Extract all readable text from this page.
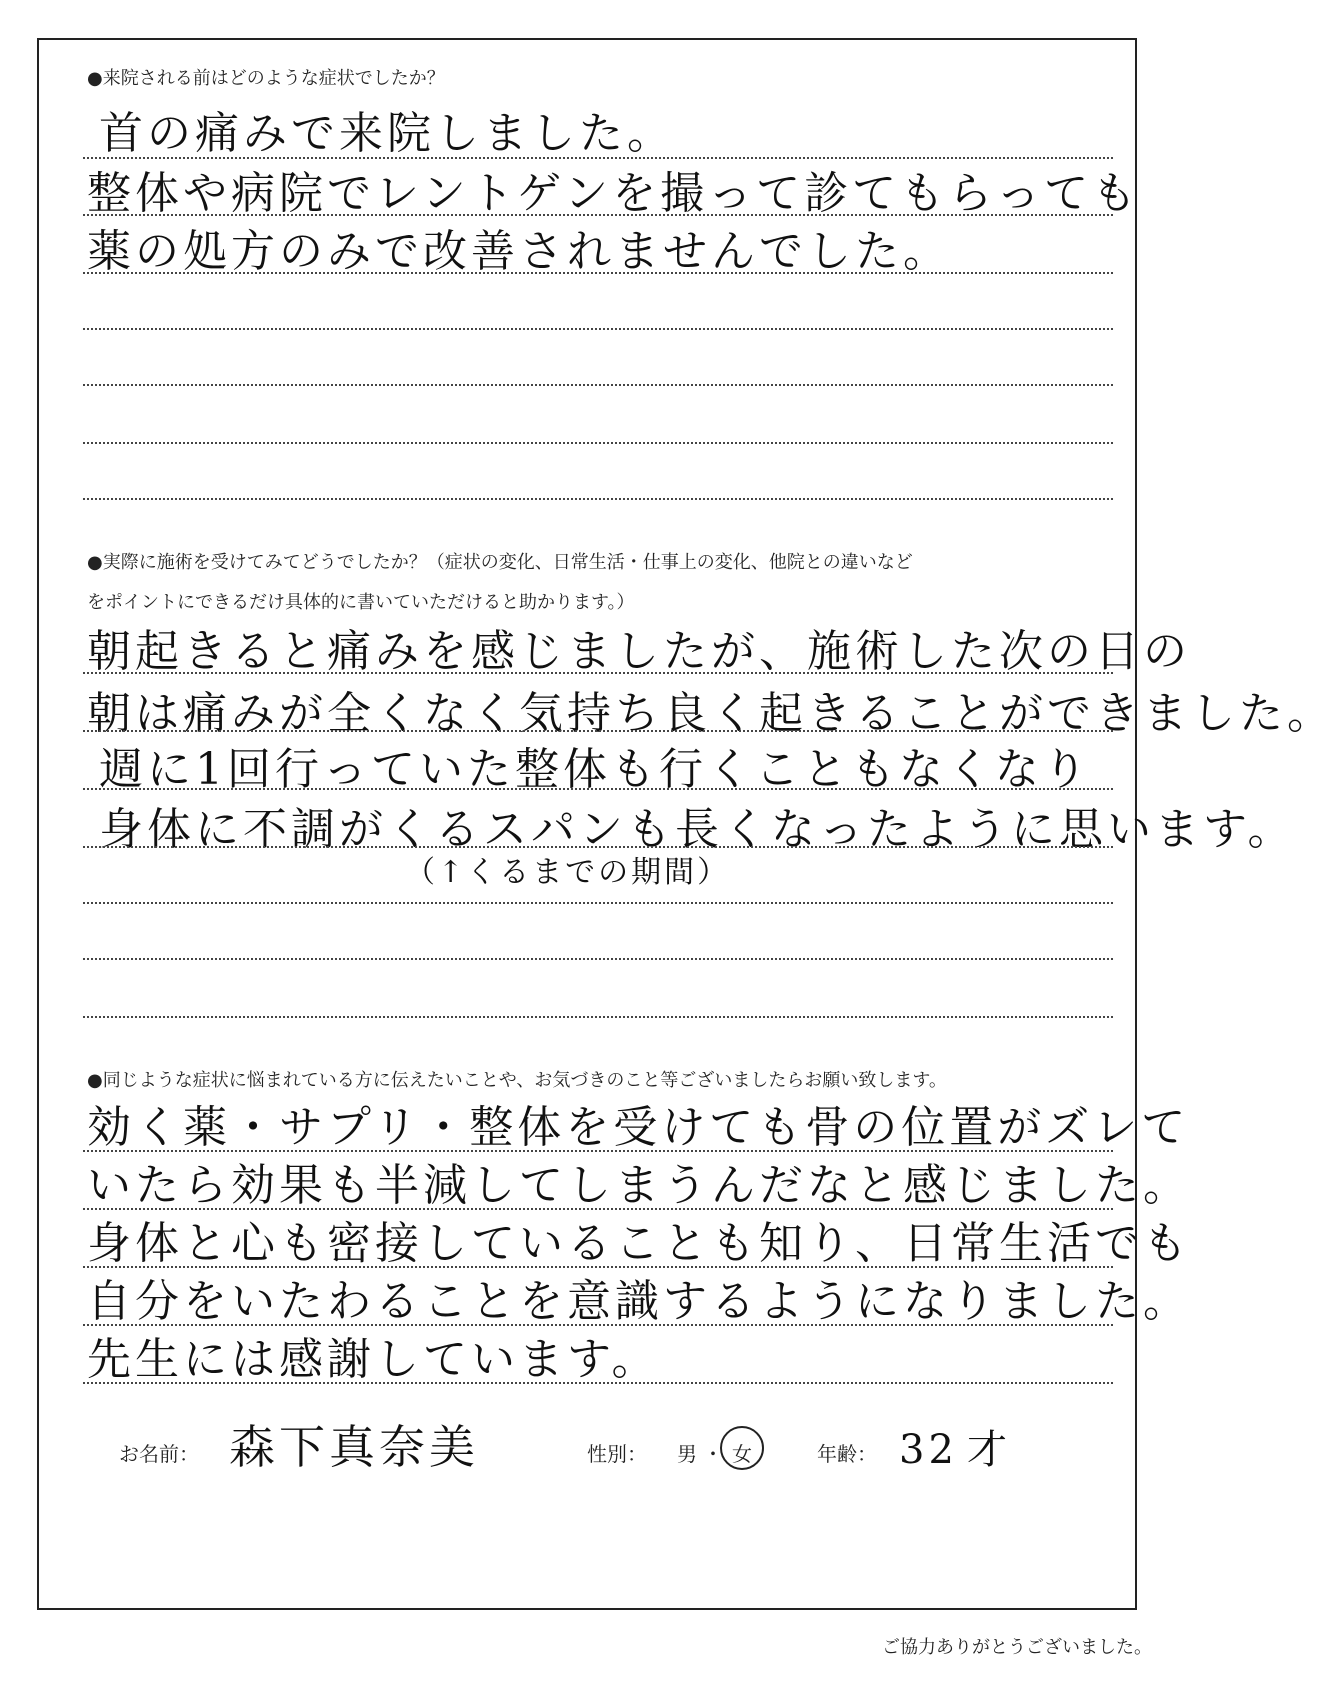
●来院される前はどのような症状でしたか？
首の痛みで来院しました。
整体や病院でレントゲンを撮って診てもらっても
薬の処方のみで改善されませんでした。
●実際に施術を受けてみてどうでしたか？（症状の変化、日常生活・仕事上の変化、他院との違いなど
をポイントにできるだけ具体的に書いていただけると助かります。）
朝起きると痛みを感じましたが、施術した次の日の
朝は痛みが全くなく気持ち良く起きることができました。
週に1回行っていた整体も行くこともなくなり
身体に不調がくるスパンも長くなったように思います。
（↑くるまでの期間）
●同じような症状に悩まれている方に伝えたいことや、お気づきのこと等ございましたらお願い致します。
効く薬・サプリ・整体を受けても骨の位置がズレて
いたら効果も半減してしまうんだなと感じました。
身体と心も密接していることも知り、日常生活でも
自分をいたわることを意識するようになりました。
先生には感謝しています。
お名前： 森下真奈美	性別： 男 ・ 女	年齢： 32 才
ご協力ありがとうございました。
